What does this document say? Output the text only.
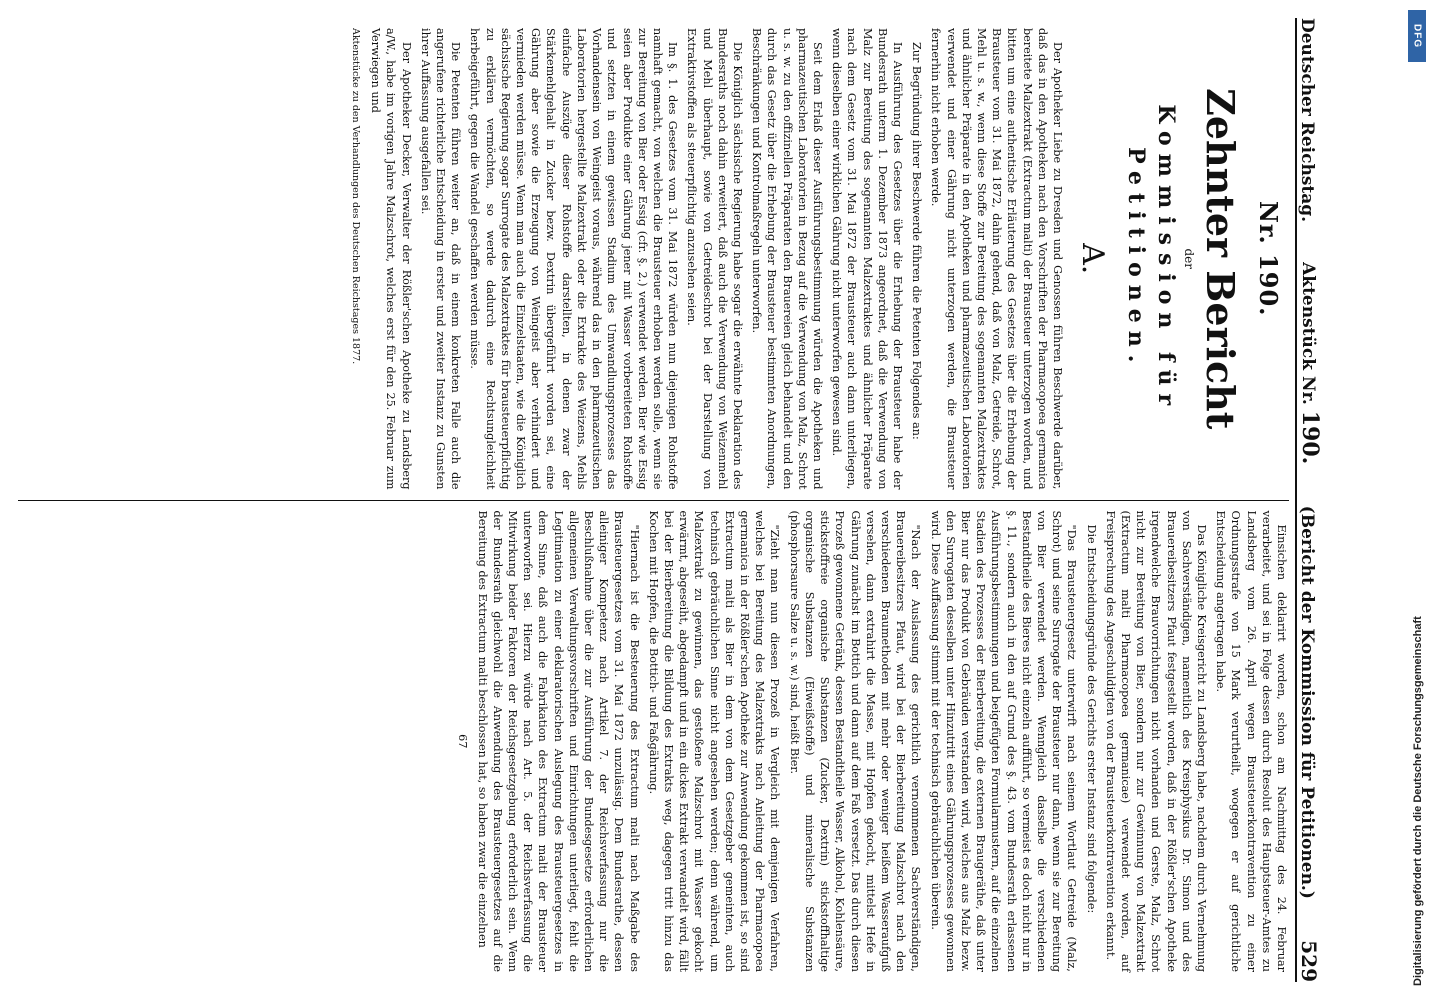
Deutscher Reichstag.
Aktenstück Nr. 190.
(Bericht der Kommission für Petitionen.)
529
Nr. 190.
Zehnter Bericht
der
Kommission für Petitionen.
A.

Der Apotheker Liebe zu Dresden und Genossen führen Beschwerde darüber, daß das in den Apotheken nach den Vorschriften der Pharmacopoea germanica bereitete Malzextrakt (Extractum malti) der Brausteuer unterzogen worden, und bitten um eine authentische Erläuterung des Gesetzes über die Erhebung der Brausteuer vom 31. Mai 1872, dahin gehend, daß von Malz, Getreide, Schrot, Mehl u. s. w., wenn diese Stoffe zur Bereitung des sogenannten Malzextraktes und ähnlicher Präparate in den Apotheken und pharmazeutischen Laboratorien verwendet und einer Gährung nicht unterzogen werden, die Brausteuer fernerhin nicht erhoben werde.

Zur Begründung ihrer Beschwerde führen die Petenten Folgendes an:

In Ausführung des Gesetzes über die Erhebung der Brausteuer habe der Bundesrath unterm 1. Dezember 1873 angeordnet, daß die Verwendung von Malz zur Bereitung des sogenannten Malzextraktes und ähnlicher Präparate nach dem Gesetz vom 31. Mai 1872 der Brausteuer auch dann unterliegen, wenn dieselben einer wirklichen Gährung nicht unterworfen gewesen sind.

Seit dem Erlaß dieser Ausführungsbestimmung würden die Apotheken und pharmazeutischen Laboratorien in Bezug auf die Verwendung von Malz, Schrot u. s. w. zu den offizinellen Präparaten den Brauereien gleich behandelt und den durch das Gesetz über die Erhebung der Brausteuer bestimmten Anordnungen, Beschränkungen und Kontrolmaßregeln unterworfen.

Die Königlich sächsische Regierung habe sogar die erwähnte Deklaration des Bundesraths noch dahin erweitert, daß auch die Verwendung von Weizenmehl und Mehl überhaupt, sowie von Getreideschrot bei der Darstellung von Extraktivstoffen als steuerpflichtig anzusehen seien.

Im §. 1. des Gesetzes vom 31. Mai 1872 würden nun diejenigen Rohstoffe namhaft gemacht, von welchen die Brausteuer erhoben werden solle, wenn sie zur Bereitung von Bier oder Essig (cfr. §. 2.) verwendet werden. Bier wie Essig seien aber Produkte einer Gährung jener mit Wasser vorbereiteten Rohstoffe und setzten in einem gewissen Stadium des Umwandlungsprozesses das Vorhandensein von Weingeist voraus, während das in den pharmazeutischen Laboratorien hergestellte Malzextrakt oder die Extrakte des Weizens, Mehls einfache Auszüge dieser Rohstoffe darstellten, in denen zwar der Stärkemehlgehalt in Zucker bezw. Dextrin übergeführt worden sei, eine Gährung aber sowie die Erzeugung von Weingeist aber verhindert und vermieden werden müsse. Wenn man auch die Einzelstaaten, wie die Königlich sächsische Regierung sogar Surrogate des Malzextraktes für brausteuerpflichtig zu erklären vermöchten, so werde dadurch eine Rechtsungleichheit herbeigeführt, gegen die Wandel geschaffen werden müsse.

Die Petenten führen weiter an, daß in einem konkreten Falle auch die angerufene richterliche Entscheidung in erster und zweiter Instanz zu Gunsten ihrer Auffassung ausgefallen sei.

Der Apotheker Decker, Verwalter der Rößler'schen Apotheke zu Landsberg a/W., habe im vorigen Jahre Malzschrot, welches erst für den 25. Februar zum Verwiegen und

Aktenstücke zu den Verhandlungen des Deutschen Reichstages 1877.

Einsichen deklarirt worden, schon am Nachmittag des 24. Februar verarbeitet, und sei in Folge dessen durch Resolut des Hauptsteuer-Amtes zu Landsberg vom 26. April wegen Brausteuerkontravention zu einer Ordnungsstrafe von 15 Mark verurtheilt, wogegen er auf gerichtliche Entscheidung angetragen habe.

Das Königliche Kreisgericht zu Landsberg habe, nachdem durch Vernehmung von Sachverständigen, namentlich des Kreisphysikus Dr. Simon und des Brauereibesitzers Pfaut festgestellt worden, daß in der Rößler'schen Apotheke irgendwelche Brauvorrichtungen nicht vorhanden und Gerste, Malz, Schrot nicht zur Bereitung von Bier, sondern nur zur Gewinnung von Malzextrakt (Extractum malti Pharmacopoea germanicae) verwendet worden, auf Freisprechung des Angeschuldigten von der Brausteuerkontravention erkannt.

Die Entscheidungsgründe des Gerichts erster Instanz sind folgende:

"Das Brausteuergesetz unterwirft nach seinem Wortlaut Getreide (Malz, Schrot) und seine Surrogate der Brausteuer nur dann, wenn sie zur Bereitung von Bier verwendet werden. Wenngleich dasselbe die verschiedenen Bestandtheile des Bieres nicht einzeln aufführt, so vermeist es doch nicht nur in §. 11., sondern auch in den auf Grund des §. 43. vom Bundesrath erlassenen Ausführungsbestimmungen und beigefügten Formularmustern, auf die einzelnen Stadien des Prozesses der Bierbereitung, die externen Braugeräthe, daß unter Bier nur das Produkt von Gebräuden verstanden wird, welches aus Malz bezw. den Surrogaten desselben unter Hinzutritt eines Gährungsprozesses gewonnen wird. Diese Auffassung stimmt mit der technisch gebräuchlichen überein.

"Nach der Auslassung des gerichtlich vernommenen Sachverständigen, Brauereibesitzers Pfaut, wird bei der Bierbereitung Malzschrot nach den verschiedenen Braumethoden mit mehr oder weniger heißem Wasseraufguß versehen, dann extrahirt die Masse, mit Hopfen gekocht, mittelst Hefe in Gährung zunächst im Bottich und dann auf dem Faß versetzt. Das durch diesen Prozeß gewonnene Getränk, dessen Bestandtheile Wasser, Alkohol, Kohlensäure, stickstoffreie organische Substanzen (Zucker, Dextrin) stickstoffhaltige organische Substanzen (Eiweißstoffe) und mineralische Substanzen (phosphorsaure Salze u. s. w.) sind, heißt Bier.

"Zieht man nun diesen Prozeß in Vergleich mit demjenigen Verfahren, welches bei Bereitung des Malzextrakts nach Anleitung der Pharmacopoea germanica in der Rößler'schen Apotheke zur Anwendung gekommen ist, so sind Extractum malti als Bier in dem von dem Gesetzgeber gemeinten, auch technisch gebräuchlichen Sinne nicht angesehen werden; denn während, um Malzextrakt zu gewinnen, das gestoßene Malzschrot mit Wasser gekocht erwärmt, abgeseiht, abgedampft und in ein dickes Extrakt verwandelt wird, fällt bei der Bierbereitung die Bildung des Extrakts weg, dagegen tritt hinzu das Kochen mit Hopfen, die Bottich- und Faßgährung.

"Hiernach ist die Besteuerung des Extractum malti nach Maßgabe des Brausteuergesetzes vom 31. Mai 1872 unzulässig. Dem Bundesrathe, dessen alleiniger Kompetenz nach Artikel 7. der Reichsverfassung nur die Beschlußnahme über die zur Ausführung der Bundesgesetze erforderlichen allgemeinen Verwaltungsvorschriften und Einrichtungen unterliegt, fehlt die Legitimation zu einer deklaratorischen Auslegung des Brausteuergesetzes in dem Sinne, daß auch die Fabrikation des Extractum malti der Brausteuer unterworfen sei. Hierzu würde nach Art. 5. der Reichsverfassung die Mitwirkung beider Faktoren der Reichsgesetzgebung erforderlich sein. Wenn der Bundesrath gleichwohl die Anwendung des Brausteuergesetzes auf die Bereitung des Extractum malti beschlossen hat, so haben zwar die einzelnen

67
DFG
Digitalisierung gefördert durch die Deutsche Forschungsgemeinschaft
